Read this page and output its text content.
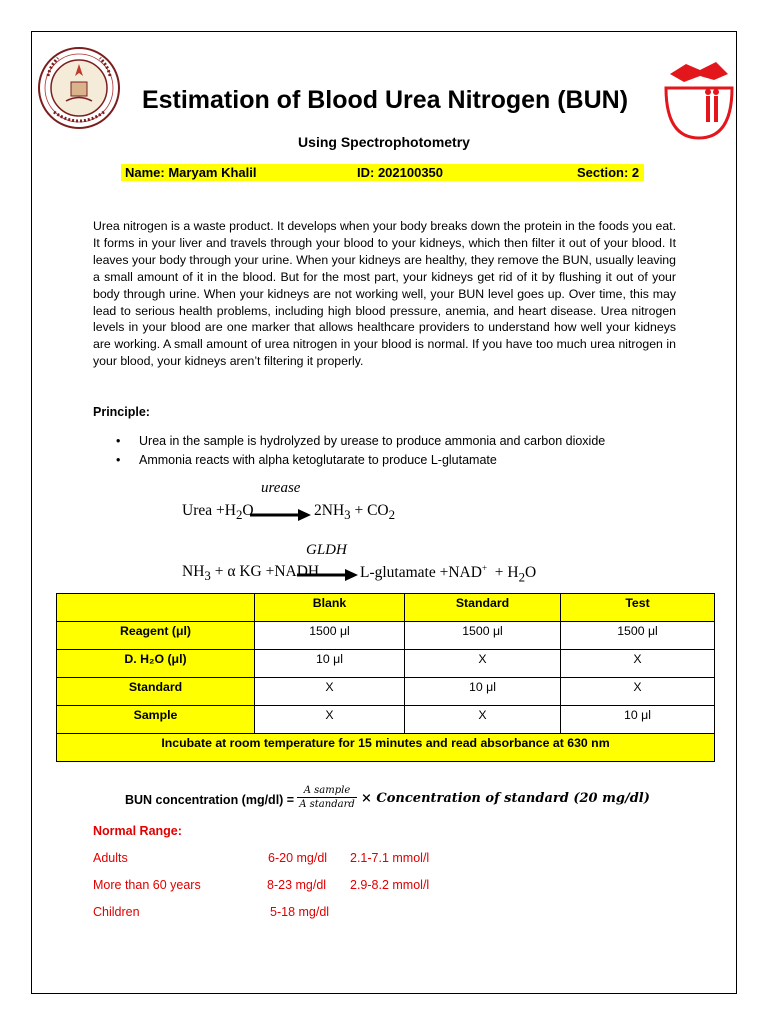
Estimation of Blood Urea Nitrogen (BUN)
Using Spectrophotometry
Name: Maryam Khalil	ID: 202100350	Section: 2

Urea nitrogen is a waste product. It develops when your body breaks down the protein in the foods you eat. It forms in your liver and travels through your blood to your kidneys, which then filter it out of your blood. It leaves your body through your urine. When your kidneys are healthy, they remove the BUN, usually leaving a small amount of it in the blood. But for the most part, your kidneys get rid of it by flushing it out of your body through urine. When your kidneys are not working well, your BUN level goes up. Over time, this may lead to serious health problems, including high blood pressure, anemia, and heart disease. Urea nitrogen levels in your blood are one marker that allows healthcare providers to understand how well your kidneys are working. A small amount of urea nitrogen in your blood is normal. If you have too much urea nitrogen in your blood, your kidneys aren’t filtering it properly.

Principle:
• Urea in the sample is hydrolyzed by urease to produce ammonia and carbon dioxide
• Ammonia reacts with alpha ketoglutarate to produce L-glutamate
urease
Urea $+H_2O$	$2NH_3 + CO_2$
GLDH
$NH_3 + \alpha$ KG +NADH	L-glutamate $+NAD^+ + H_2O$
	Blank	Standard	Test
Reagent (μl)	1500 μl	1500 μl	1500 μl
D. H₂O (μl)	10 μl	X	X
Standard	X	10 μl	X
Sample	X	X	10 μl
Incubate at room temperature for 15 minutes and read absorbance at 630 nm			
BUN concentration (mg/dl) =
A sample
A standard × Concentration of standard (20 mg/dl)
Normal Range:
Adults	6-20 mg/dl 2.1-7.1 mmol/l
More than 60 years	8-23 mg/dl 2.9-8.2 mmol/l
Children	5-18 mg/dl
